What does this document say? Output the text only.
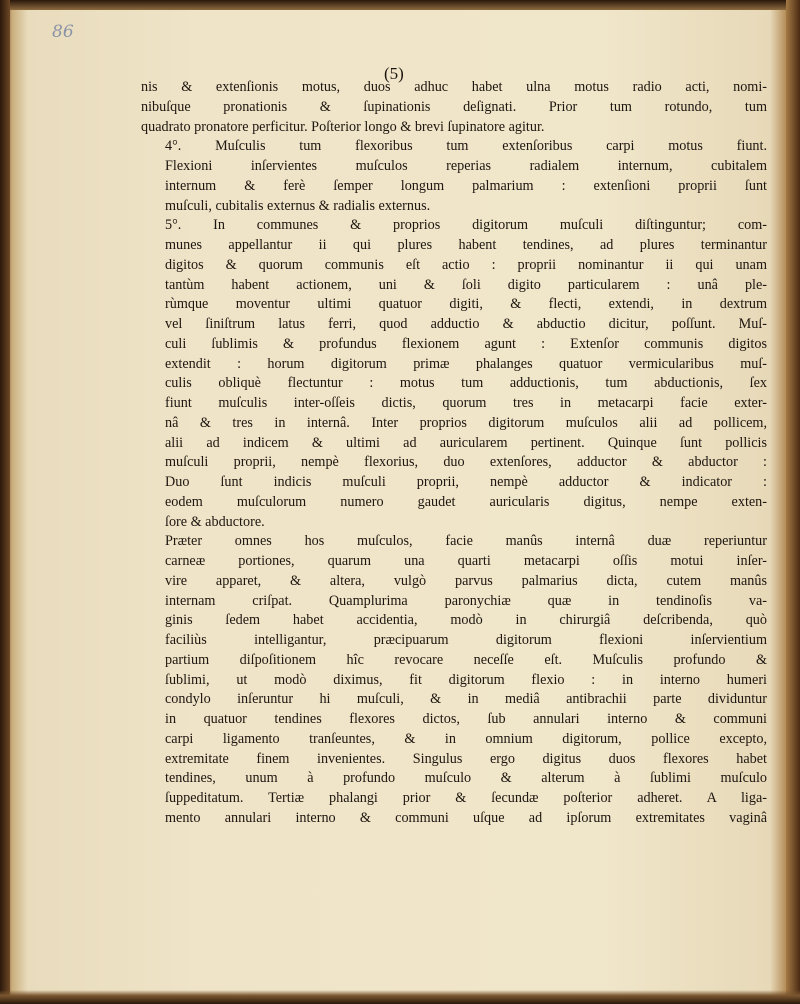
86
(5)

nis & extenſionis motus, duos adhuc habet ulna motus radio acti, nomi-
nibuſque pronationis & ſupinationis deſignati. Prior tum rotundo, tum
quadrato pronatore perficitur. Poſterior longo & brevi ſupinatore agitur.

4°. Muſculis tum flexoribus tum extenſoribus carpi motus fiunt.
Flexioni inſervientes muſculos reperias radialem internum, cubitalem
internum & ferè ſemper longum palmarium : extenſioni proprii ſunt
muſculi, cubitalis externus & radialis externus.

5°. In communes & proprios digitorum muſculi diſtinguntur; com-
munes appellantur ii qui plures habent tendines, ad plures terminantur
digitos & quorum communis eſt actio : proprii nominantur ii qui unam
tantùm habent actionem, uni & ſoli digito particularem : unâ ple-
rùmque moventur ultimi quatuor digiti, & flecti, extendi, in dextrum
vel ſiniſtrum latus ferri, quod adductio & abductio dicitur, poſſunt. Muſ-
culi ſublimis & profundus flexionem agunt : Extenſor communis digitos
extendit : horum digitorum primæ phalanges quatuor vermicularibus muſ-
culis obliquè flectuntur : motus tum adductionis, tum abductionis, ſex
fiunt muſculis inter-oſſeis dictis, quorum tres in metacarpi facie exter-
nâ & tres in internâ. Inter proprios digitorum muſculos alii ad pollicem,
alii ad indicem & ultimi ad auricularem pertinent. Quinque ſunt pollicis
muſculi proprii, nempè flexorius, duo extenſores, adductor & abductor :
Duo ſunt indicis muſculi proprii, nempè adductor & indicator :
eodem muſculorum numero gaudet auricularis digitus, nempe exten-
ſore & abductore.

Præter omnes hos muſculos, facie manûs internâ duæ reperiuntur
carneæ portiones, quarum una quarti metacarpi oſſis motui inſer-
vire apparet, & altera, vulgò parvus palmarius dicta, cutem manûs
internam criſpat. Quamplurima paronychiæ quæ in tendinoſis va-
ginis ſedem habet accidentia, modò in chirurgiâ deſcribenda, quò
faciliùs intelligantur, præcipuarum digitorum flexioni inſervientium
partium diſpoſitionem hîc revocare neceſſe eſt. Muſculis profundo &
ſublimi, ut modò diximus, fit digitorum flexio : in interno humeri
condylo inſeruntur hi muſculi, & in mediâ antibrachii parte dividuntur
in quatuor tendines flexores dictos, ſub annulari interno & communi
carpi ligamento tranſeuntes, & in omnium digitorum, pollice excepto,
extremitate finem invenientes. Singulus ergo digitus duos flexores habet
tendines, unum à profundo muſculo & alterum à ſublimi muſculo
ſuppeditatum. Tertiæ phalangi prior & ſecundæ poſterior adheret. A liga-
mento annulari interno & communi uſque ad ipſorum extremitates vaginâ
